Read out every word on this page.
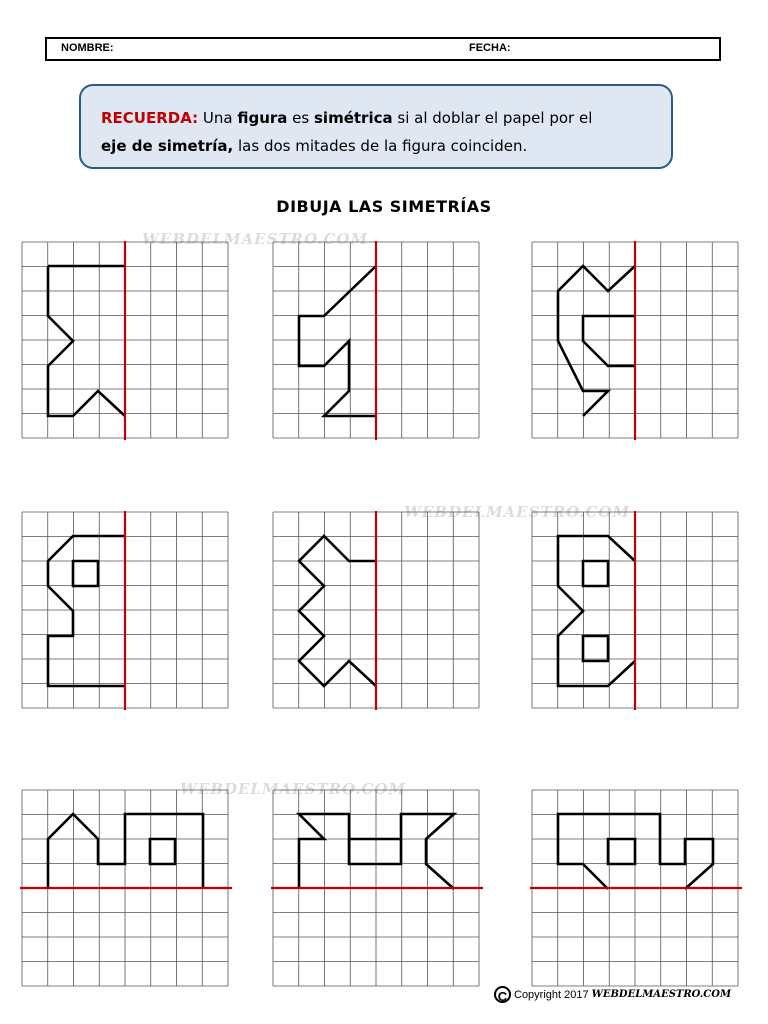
NOMBRE:	FECHA:
RECUERDA: Una figura es simétrica si al doblar el papel por el
eje de simetría, las dos mitades de la figura coinciden.
DIBUJA LAS SIMETRÍAS
WEBDELMAESTRO.COM
WEBDELMAESTRO.COM
WEBDELMAESTRO.COM
C Copyright 2017 WEBDELMAESTRO.COM
